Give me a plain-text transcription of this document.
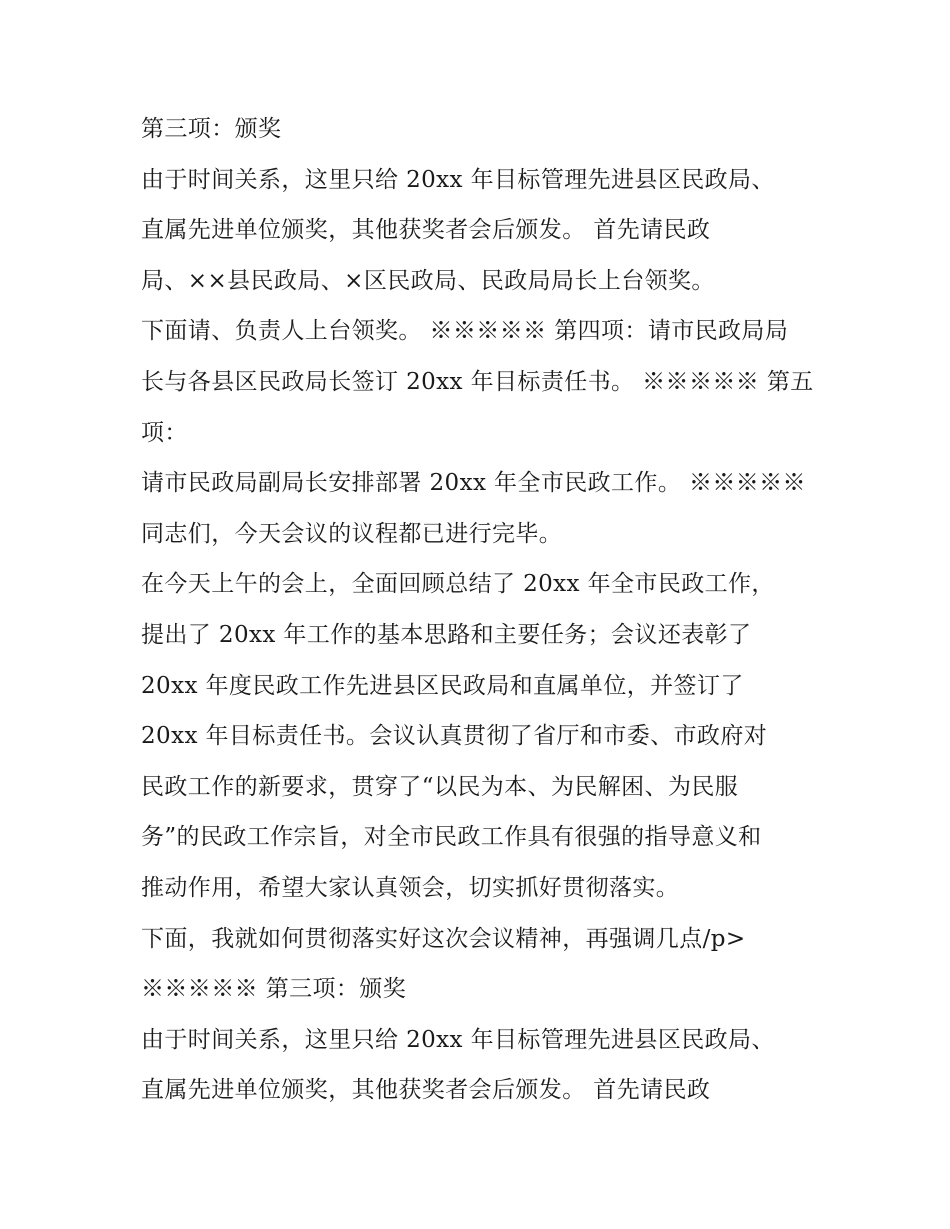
第三项：颁奖
由于时间关系，这里只给 20xx 年目标管理先进县区民政局、
直属先进单位颁奖，其他获奖者会后颁发。 首先请民政
局、××县民政局、×区民政局、民政局局长上台领奖。
下面请、负责人上台领奖。 ※※※※※ 第四项：请市民政局局
长与各县区民政局长签订 20xx 年目标责任书。 ※※※※※ 第五
项：
请市民政局副局长安排部署 20xx 年全市民政工作。 ※※※※※
同志们，今天会议的议程都已进行完毕。
在今天上午的会上，全面回顾总结了 20xx 年全市民政工作，
提出了 20xx 年工作的基本思路和主要任务；会议还表彰了
20xx 年度民政工作先进县区民政局和直属单位，并签订了
20xx 年目标责任书。会议认真贯彻了省厅和市委、市政府对
民政工作的新要求，贯穿了“以民为本、为民解困、为民服
务”的民政工作宗旨，对全市民政工作具有很强的指导意义和
推动作用，希望大家认真领会，切实抓好贯彻落实。
下面，我就如何贯彻落实好这次会议精神，再强调几点/p>
※※※※※ 第三项：颁奖
由于时间关系，这里只给 20xx 年目标管理先进县区民政局、
直属先进单位颁奖，其他获奖者会后颁发。 首先请民政
